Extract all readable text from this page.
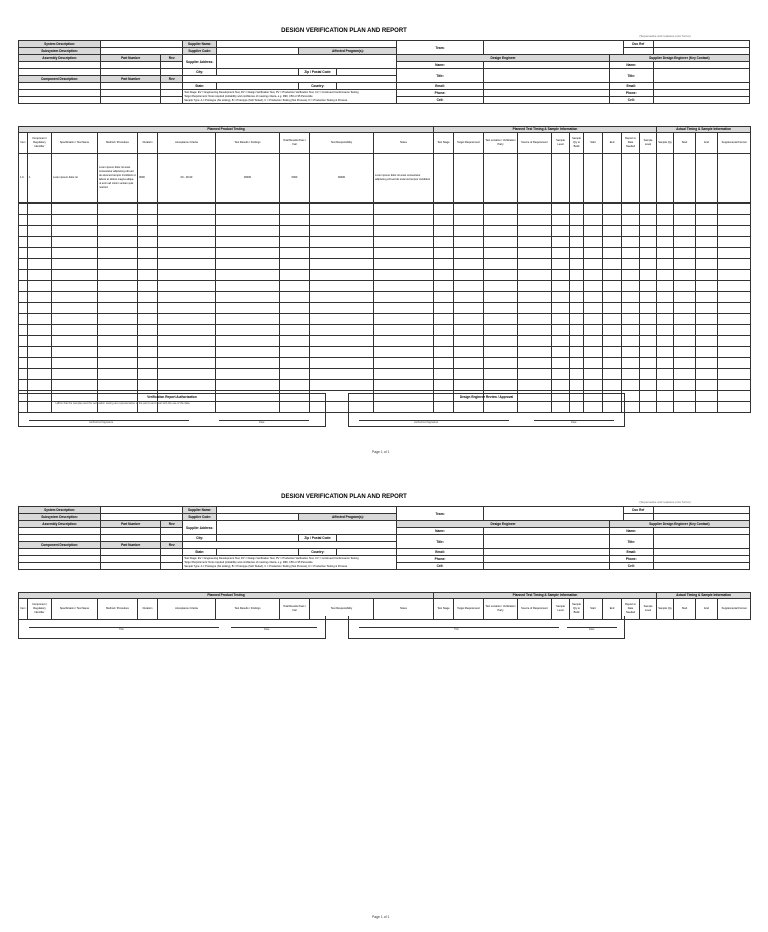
DESIGN VERIFICATION PLAN AND REPORT
(Supersedes and replaces prior forms)
System Description:			Supplier Name:				Team:			Doc Ref	
Subsystem Description:			Supplier Code:		Affected Program(s):						
Assembly Description:	Part Number	Rev	Supplier Address:				Design Engineer		Supplier Design Engineer (Key Contact)		
							Name:		Name:		
			City:		Zip / Postal Code:		Title:		Title:		
Component Description:	Part Number	Rev									
			State:		Country:		Email:		Email:		

			Test Stage: EV = Engineering Development Test, DV = Design Verification Test, PV = Production Verification Test, CV = Continued Conformance Testing
Target Requirement: Note required probability and confidence of meeting criteria, e.g. R90, C50 or 95 Percentile
Sample Type: A = Prototype (No tooling), B = Prototype (Soft Tooled), C = Production Tooling (Not Process), D = Production Tooling & Process				Phone:		Phone:		
							Cell:		Cell:		
Planned Product Testing										Planned Test Timing & Sample Information										Actual Timing & Sample Information			
Item	Component / Regulatory Identifier	Specification / Test Name	Method / Procedure	Duration	Acceptance Criteria	Test Results / Findings	Total Results Pass / Fail	Test Responsibility	Notes	Test Stage	Target Requirement	Test Location / Verification Party	Source of Requirement	Sample Level	Sample Qty to Build	Start	End	Report to Date Needed	Sample Level	Sample Qty	Start	End	Supplemental Format
1.0	1	Lorem ipsum dolor sit	Lorem ipsum dolor sit amet consectetur adipiscing elit sed do eiusmod tempor incididunt ut labore et dolore magna aliqua ut enim ad minim veniam quis nostrud	0000	00 - 00.00	00000	0000	00000	Lorem ipsum dolor sit amet consectetur adipiscing elit sed do eiusmod tempor incididunt														

Verification Report Authorization
I affirm that the samples and the verification testing are representative of the part to and meet with the use of the data.
Authorized Signature	Date
Design Engineer Review / Approval
Authorized Signature	Date
Page 1 of 1
DESIGN VERIFICATION PLAN AND REPORT
(Supersedes and replaces prior forms)
System Description:			Supplier Name:				Team:			Doc Ref	
Subsystem Description:			Supplier Code:		Affected Program(s):						
Assembly Description:	Part Number	Rev	Supplier Address:				Design Engineer		Supplier Design Engineer (Key Contact)		
							Name:		Name:		
			City:		Zip / Postal Code:		Title:		Title:		
Component Description:	Part Number	Rev									
			State:		Country:		Email:		Email:		

			Test Stage: EV = Engineering Development Test, DV = Design Verification Test, PV = Production Verification Test, CV = Continued Conformance Testing
Target Requirement: Note required probability and confidence of meeting criteria, e.g. R90, C50 or 95 Percentile
Sample Type: A = Prototype (No tooling), B = Prototype (Soft Tooled), C = Production Tooling (Not Process), D = Production Tooling & Process				Phone:		Phone:		
							Cell:		Cell:		
Planned Product Testing										Planned Test Timing & Sample Information										Actual Timing & Sample Information			
Item	Component / Regulatory Identifier	Specification / Test Name	Method / Procedure	Duration	Acceptance Criteria	Test Results / Findings	Total Results Pass / Fail	Test Responsibility	Notes	Test Stage	Target Requirement	Test Location / Verification Party	Source of Requirement	Sample Level	Sample Qty to Build	Start	End	Report to Date Needed	Sample Level	Sample Qty	Start	End	Supplemental Format
Title	Date	Title	Date
Page 1 of 1
